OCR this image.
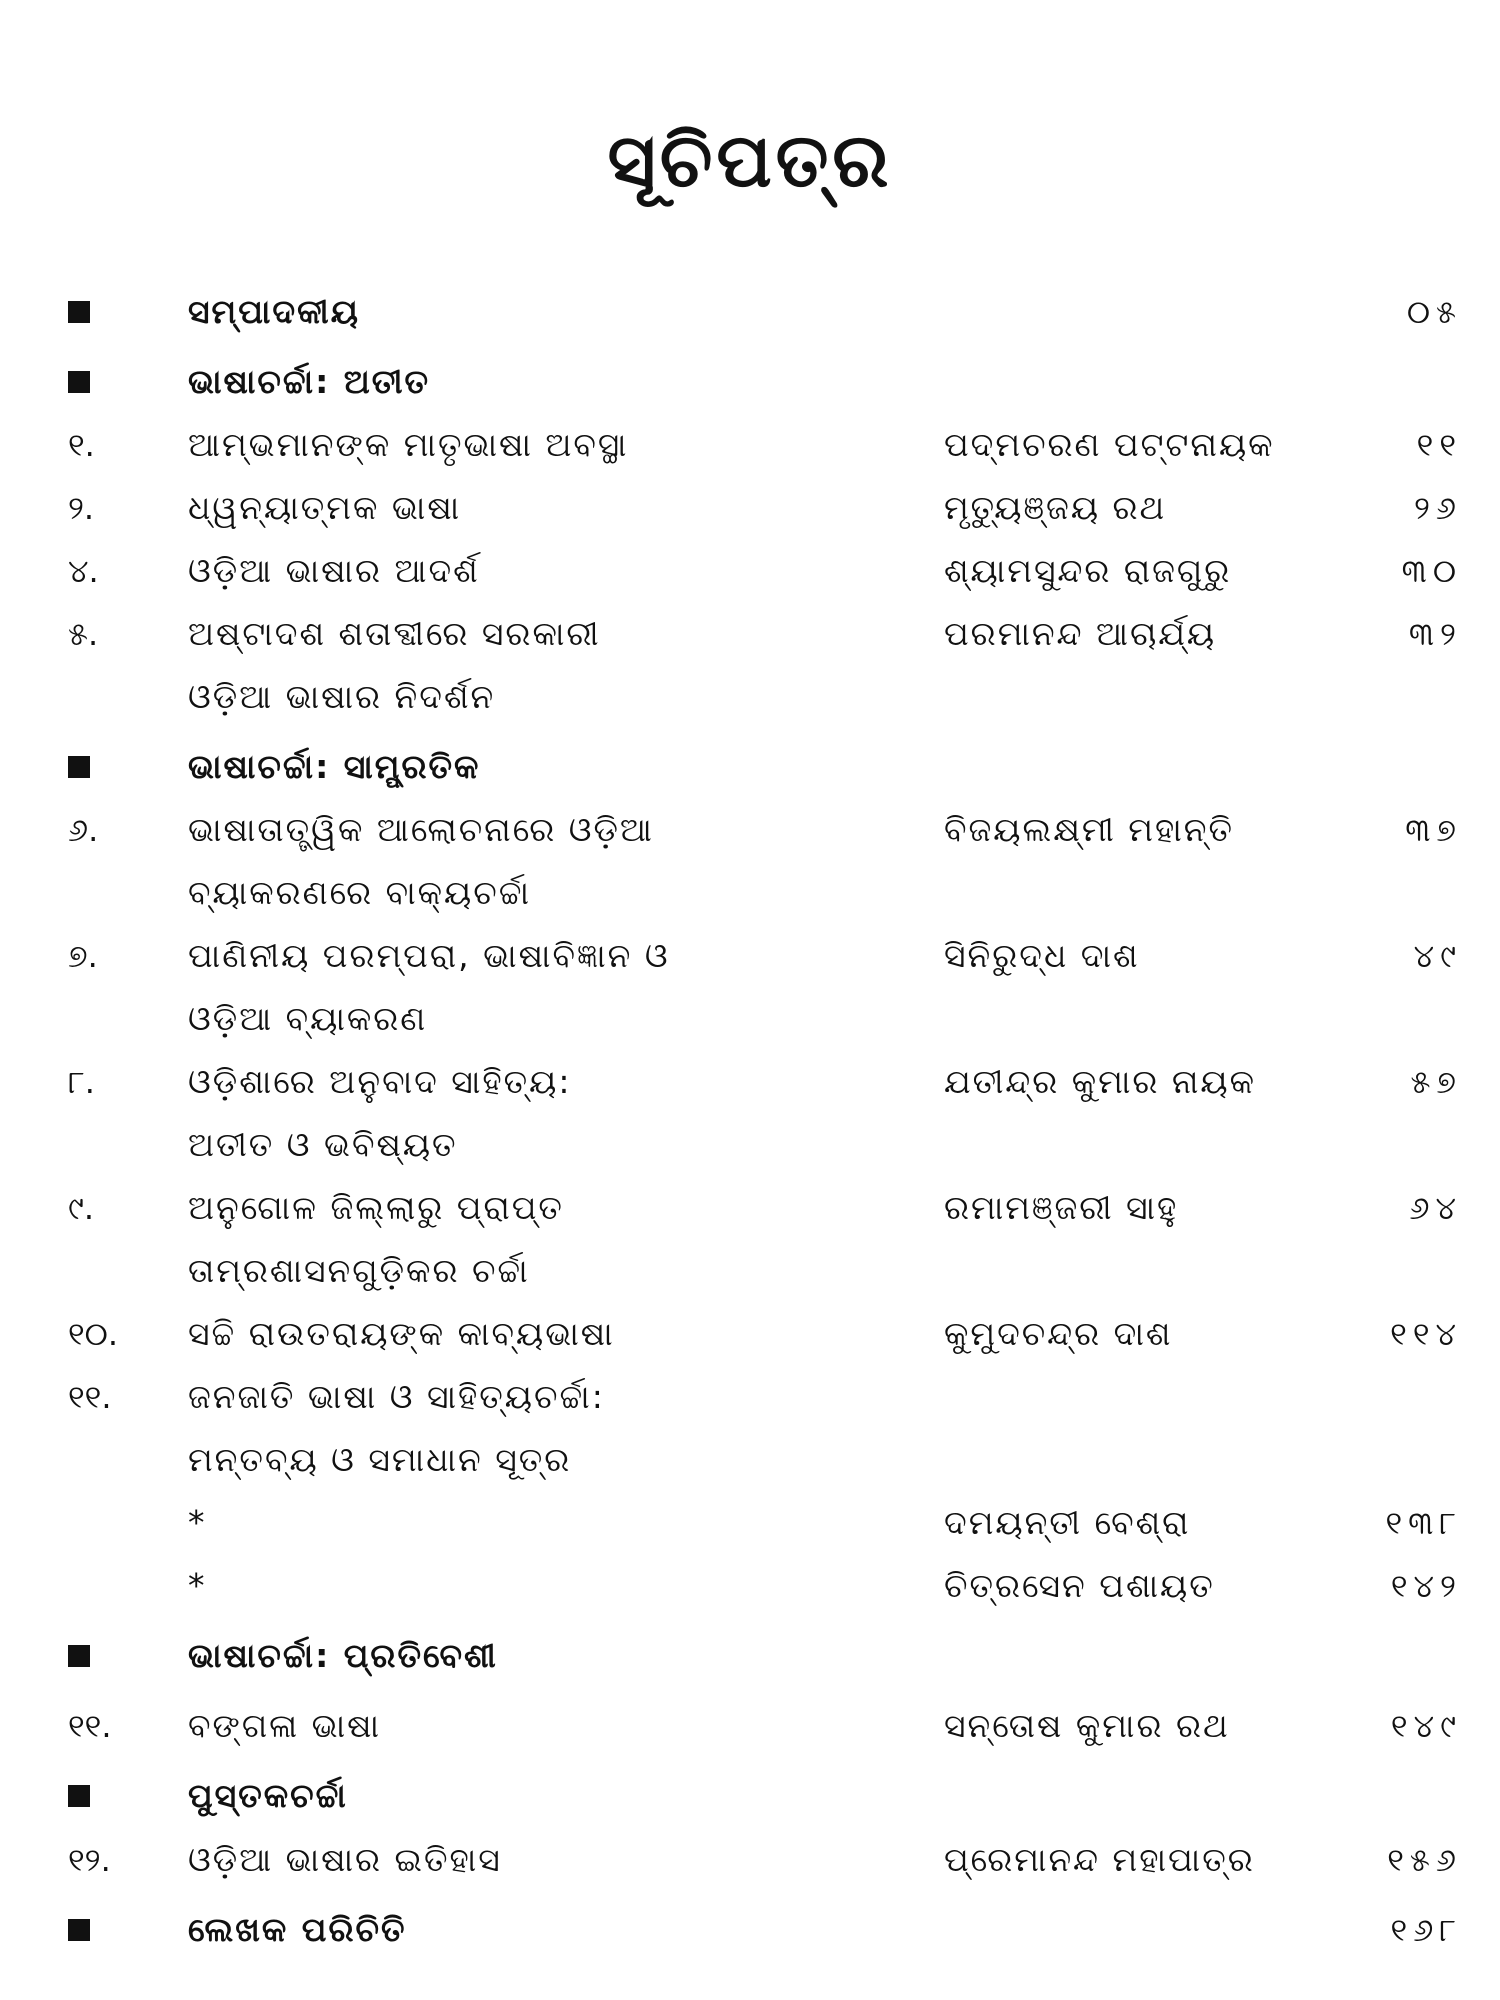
ସୂଚିପତ୍ର
ସମ୍ପାଦକୀୟ	୦୫
ଭାଷାଚର୍ଚ୍ଚା: ଅତୀତ
୧.	ଆମ୍ଭମାନଙ୍କ ମାତୃଭାଷା ଅବସ୍ଥା	ପଦ୍ମଚରଣ ପଟ୍ଟନାୟକ	୧୧
୨.	ଧ୍ୱନ୍ୟାତ୍ମକ ଭାଷା	ମୃତ୍ୟୁଞ୍ଜୟ ରଥ	୨୬
୪.	ଓଡ଼ିଆ ଭାଷାର ଆଦର୍ଶ	ଶ୍ୟାମସୁନ୍ଦର ରାଜଗୁରୁ	୩୦
୫.	ଅଷ୍ଟାଦଶ ଶତାବ୍ଦୀରେ ସରକାରୀ	ପରମାନନ୍ଦ ଆଚାର୍ଯ୍ୟ	୩୨
ଓଡ଼ିଆ ଭାଷାର ନିଦର୍ଶନ
ଭାଷାଚର୍ଚ୍ଚା: ସାମ୍ପ୍ରତିକ
୬.	ଭାଷାତାତ୍ତ୍ୱିକ ଆଲୋଚନାରେ ଓଡ଼ିଆ	ବିଜୟଲକ୍ଷ୍ମୀ ମହାନ୍ତି	୩୭
ବ୍ୟାକରଣରେ ବାକ୍ୟଚର୍ଚ୍ଚା
୭.	ପାଣିନୀୟ ପରମ୍ପରା, ଭାଷାବିଜ୍ଞାନ ଓ	ସିନିରୁଦ୍ଧ ଦାଶ	୪୯
ଓଡ଼ିଆ ବ୍ୟାକରଣ
୮.	ଓଡ଼ିଶାରେ ଅନୁବାଦ ସାହିତ୍ୟ:	ଯତୀନ୍ଦ୍ର କୁମାର ନାୟକ	୫୭
ଅତୀତ ଓ ଭବିଷ୍ୟତ
୯.	ଅନୁଗୋଳ ଜିଲ୍ଲାରୁ ପ୍ରାପ୍ତ	ରମାମଞ୍ଜରୀ ସାହୁ	୬୪
ତାମ୍ରଶାସନଗୁଡ଼ିକର ଚର୍ଚ୍ଚା
୧୦. ସଚ୍ଚି ରାଉତରାୟଙ୍କ କାବ୍ୟଭାଷା	କୁମୁଦଚନ୍ଦ୍ର ଦାଶ	୧୧୪
୧୧. ଜନଜାତି ଭାଷା ଓ ସାହିତ୍ୟଚର୍ଚ୍ଚା:
ମନ୍ତବ୍ୟ ଓ ସମାଧାନ ସୂତ୍ର
*	ଦମୟନ୍ତୀ ବେଶ୍ରା	୧୩୮
*	ଚିତ୍ରସେନ ପଶାୟତ	୧୪୨
ଭାଷାଚର୍ଚ୍ଚା: ପ୍ରତିବେଶୀ
୧୧. ବଙ୍ଗଳା ଭାଷା	ସନ୍ତୋଷ କୁମାର ରଥ	୧୪୯
ପୁସ୍ତକଚର୍ଚ୍ଚା
୧୨. ଓଡ଼ିଆ ଭାଷାର ଇତିହାସ	ପ୍ରେମାନନ୍ଦ ମହାପାତ୍ର	୧୫୬
ଲେଖକ ପରିଚିତି	୧୬୮
